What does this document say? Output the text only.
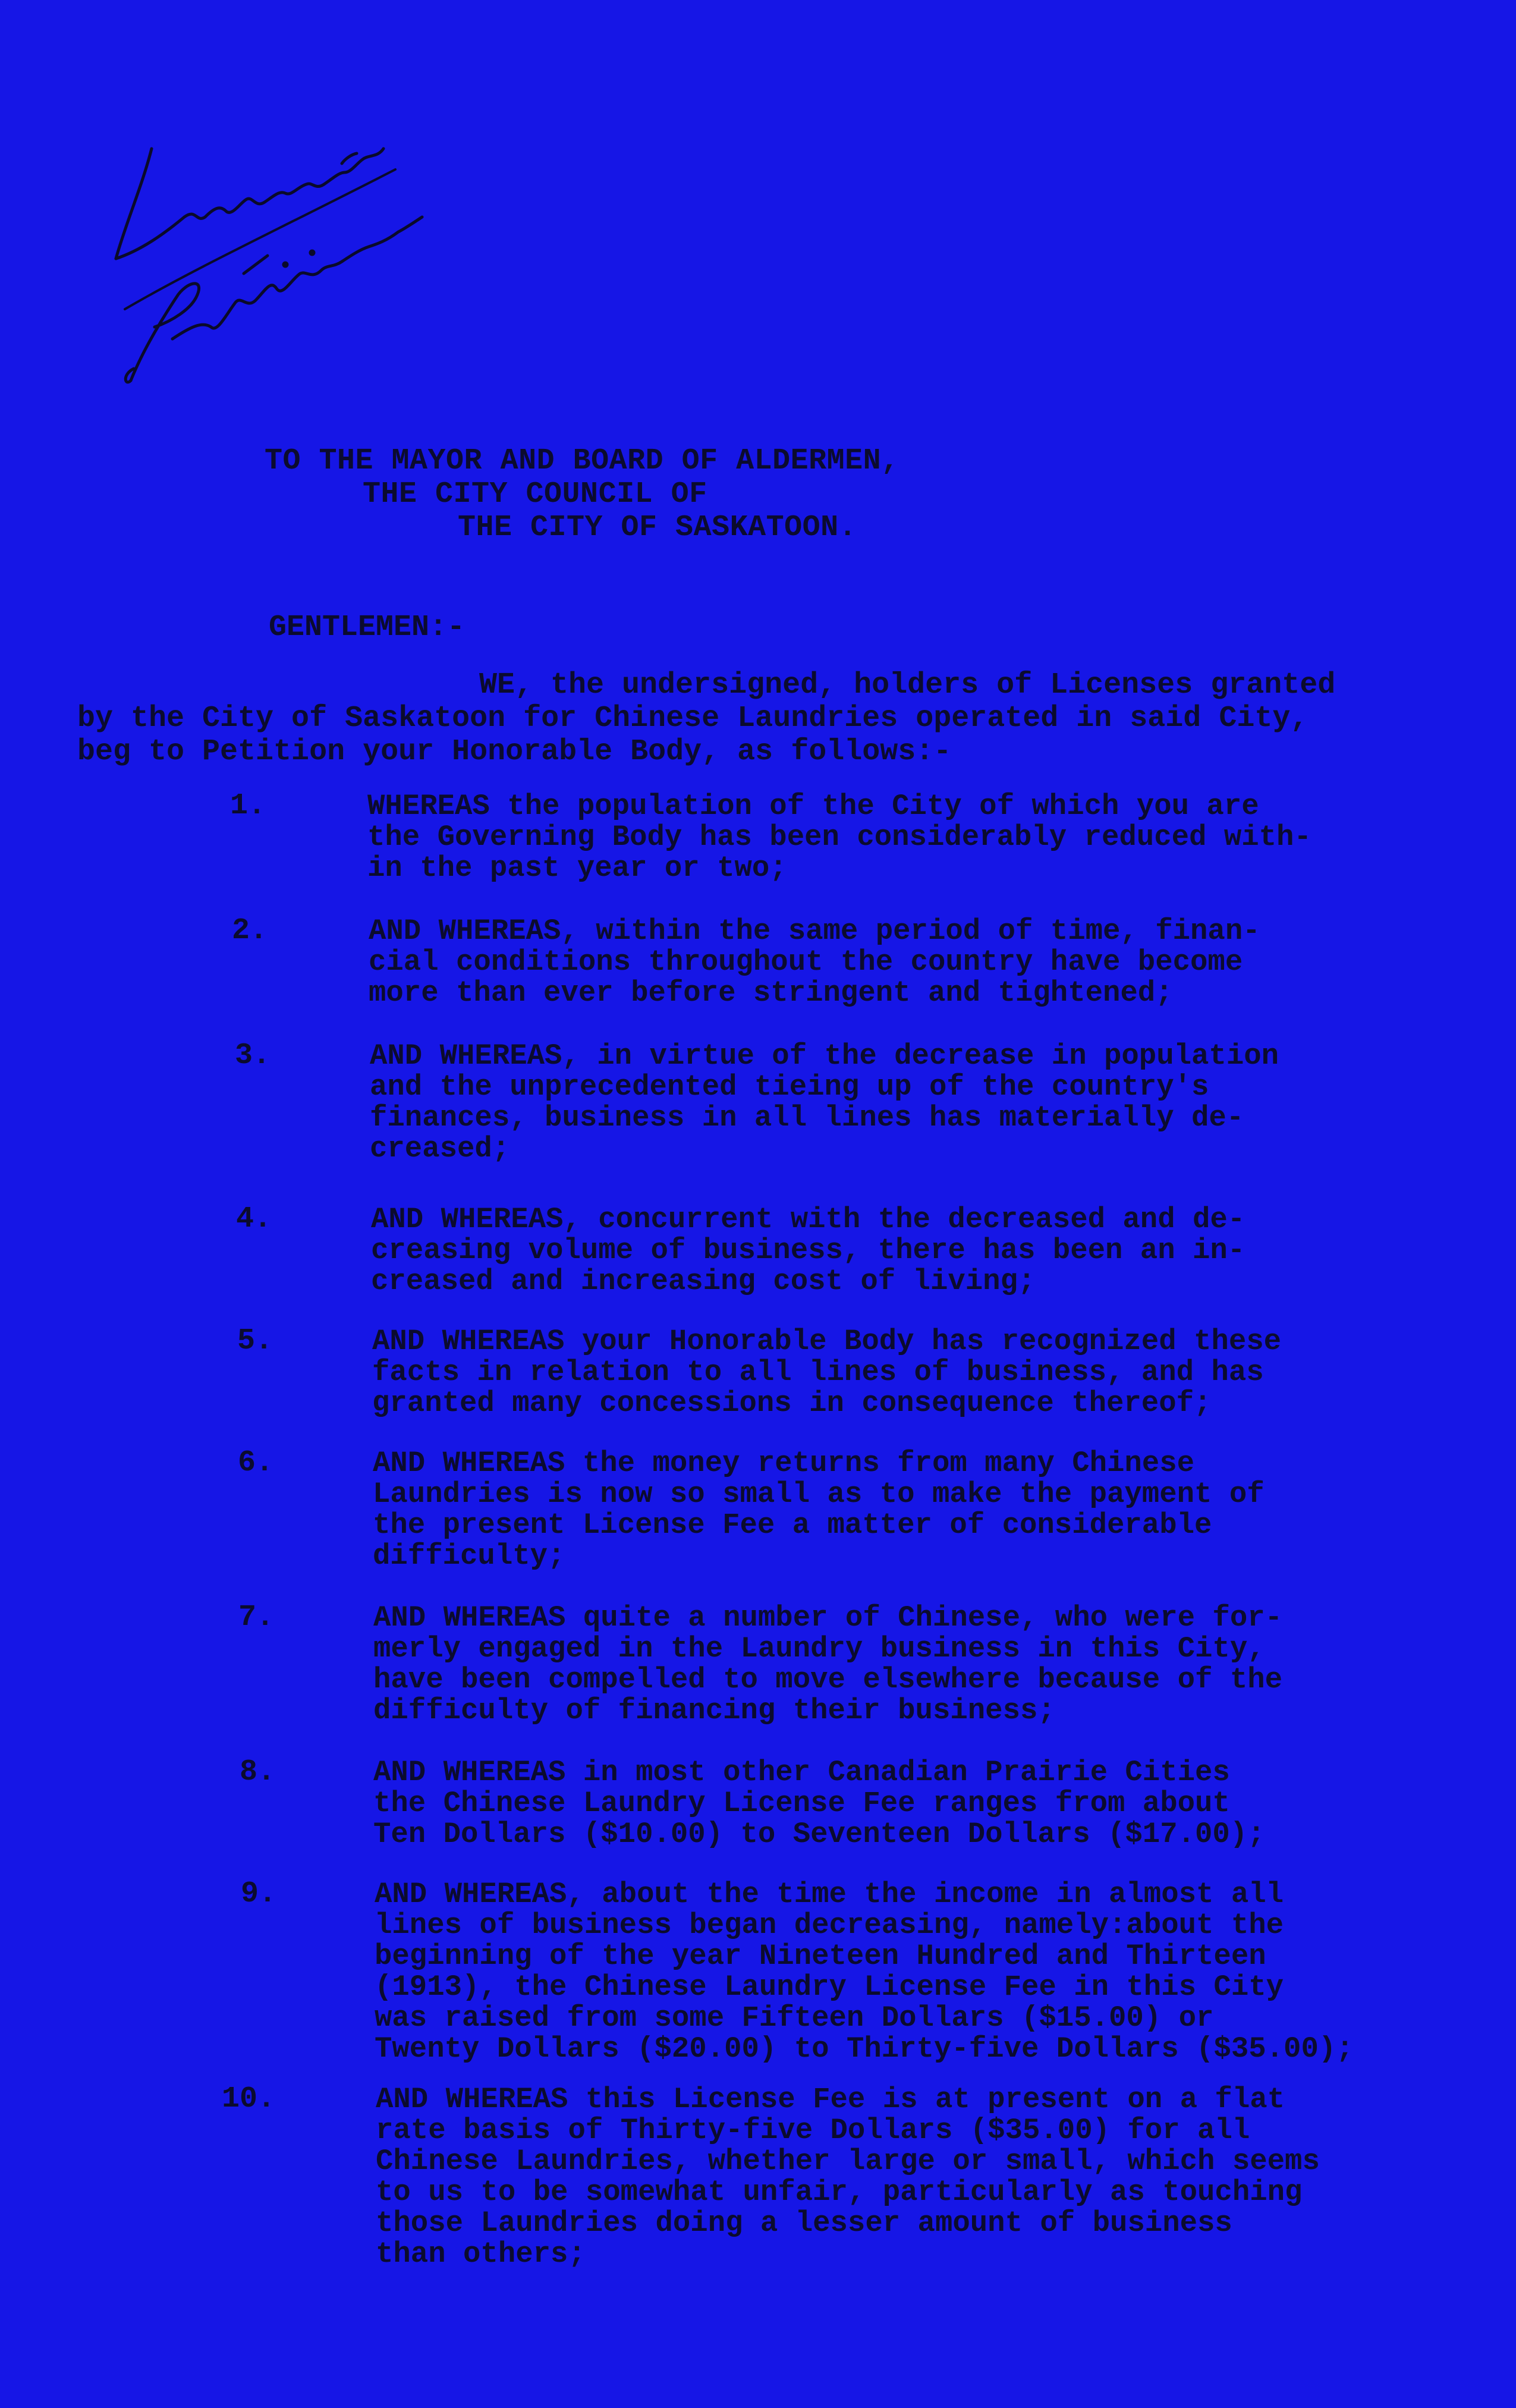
TO THE MAYOR AND BOARD OF ALDERMEN,
THE CITY COUNCIL OF
THE CITY OF SASKATOON.
GENTLEMEN:-
WE, the undersigned, holders of Licenses granted
by the City of Saskatoon for Chinese Laundries operated in said City,
beg to Petition your Honorable Body, as follows:-
1.	WHEREAS the population of the City of which you are
the Governing Body has been considerably reduced with-
in the past year or two;
2.	AND WHEREAS, within the same period of time, finan-
cial conditions throughout the country have become
more than ever before stringent and tightened;
3.	AND WHEREAS, in virtue of the decrease in population
and the unprecedented tieing up of the country's
finances, business in all lines has materially de-
creased;
4.	AND WHEREAS, concurrent with the decreased and de-
creasing volume of business, there has been an in-
creased and increasing cost of living;
5.	AND WHEREAS your Honorable Body has recognized these
facts in relation to all lines of business, and has
granted many concessions in consequence thereof;
6.	AND WHEREAS the money returns from many Chinese
Laundries is now so small as to make the payment of
the present License Fee a matter of considerable
difficulty;
7.	AND WHEREAS quite a number of Chinese, who were for-
merly engaged in the Laundry business in this City,
have been compelled to move elsewhere because of the
difficulty of financing their business;
8.	AND WHEREAS in most other Canadian Prairie Cities
the Chinese Laundry License Fee ranges from about
Ten Dollars ($10.00) to Seventeen Dollars ($17.00);
9.	AND WHEREAS, about the time the income in almost all
lines of business began decreasing, namely:about the
beginning of the year Nineteen Hundred and Thirteen
(1913), the Chinese Laundry License Fee in this City
was raised from some Fifteen Dollars ($15.00) or
Twenty Dollars ($20.00) to Thirty-five Dollars ($35.00);
10.	AND WHEREAS this License Fee is at present on a flat
rate basis of Thirty-five Dollars ($35.00) for all
Chinese Laundries, whether large or small, which seems
to us to be somewhat unfair, particularly as touching
those Laundries doing a lesser amount of business
than others;
